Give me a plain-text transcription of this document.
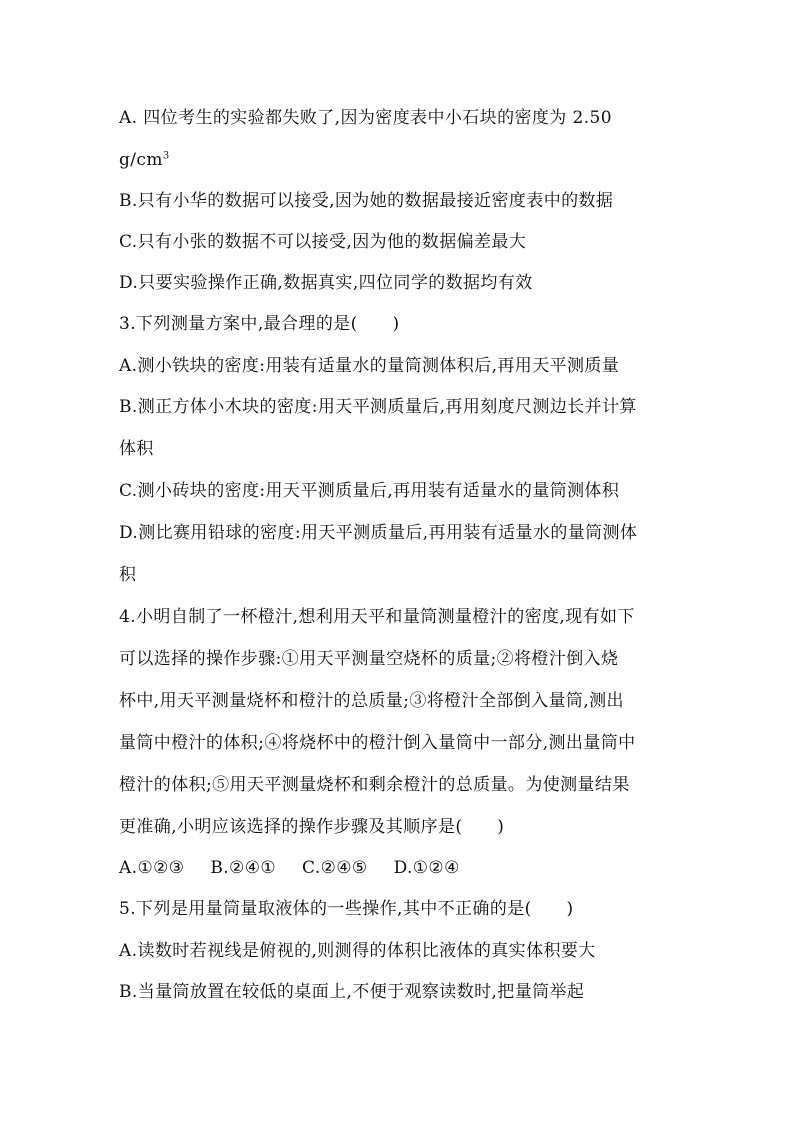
A. 四位考生的实验都失败了,因为密度表中小石块的密度为 2.50
$g/cm^3$
B.只有小华的数据可以接受,因为她的数据最接近密度表中的数据
C.只有小张的数据不可以接受,因为他的数据偏差最大
D.只要实验操作正确,数据真实,四位同学的数据均有效
3.下列测量方案中,最合理的是(　　)
A.测小铁块的密度:用装有适量水的量筒测体积后,再用天平测质量
B.测正方体小木块的密度:用天平测质量后,再用刻度尺测边长并计算
体积
C.测小砖块的密度:用天平测质量后,再用装有适量水的量筒测体积
D.测比赛用铅球的密度:用天平测质量后,再用装有适量水的量筒测体
积
4.小明自制了一杯橙汁,想利用天平和量筒测量橙汁的密度,现有如下
可以选择的操作步骤:①用天平测量空烧杯的质量;②将橙汁倒入烧
杯中,用天平测量烧杯和橙汁的总质量;③将橙汁全部倒入量筒,测出
量筒中橙汁的体积;④将烧杯中的橙汁倒入量筒中一部分,测出量筒中
橙汁的体积;⑤用天平测量烧杯和剩余橙汁的总质量。为使测量结果
更准确,小明应该选择的操作步骤及其顺序是(　　)
A.①②③ B.②④① C.②④⑤ D.①②④
5.下列是用量筒量取液体的一些操作,其中不正确的是(　　)
A.读数时若视线是俯视的,则测得的体积比液体的真实体积要大
B.当量筒放置在较低的桌面上,不便于观察读数时,把量筒举起
